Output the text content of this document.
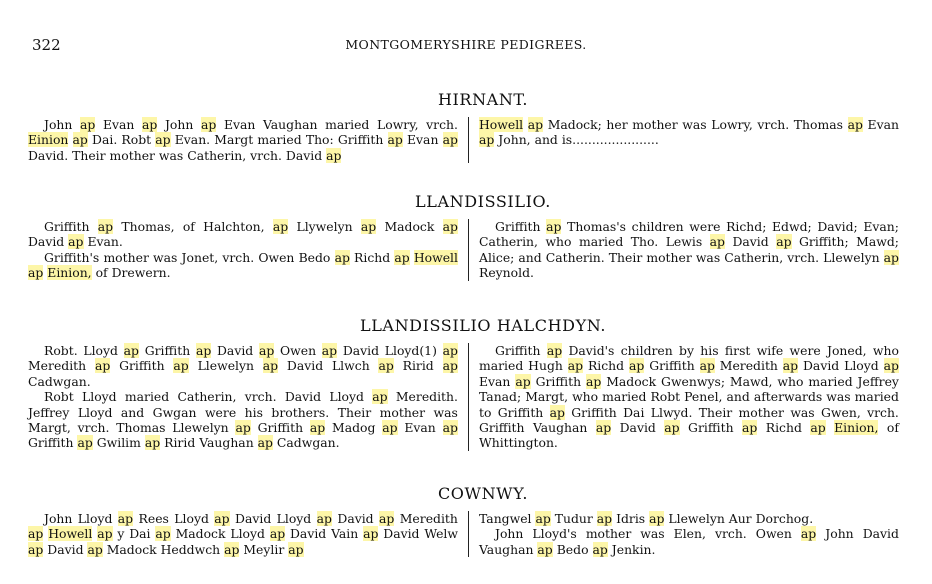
322	MONTGOMERYSHIRE PEDIGREES.
HIRNANT.

John ap Evan ap John ap Evan Vaughan maried Lowry, vrch. Einion ap Dai. Robt ap Evan. Margt maried Tho: Griffith ap Evan ap David. Their mother was Catherin, vrch. David ap

Howell ap Madock; her mother was Lowry, vrch. Thomas ap Evan ap John, and is......................

LLANDISSILIO.

Griffith ap Thomas, of Halchton, ap Llywelyn ap Madock ap David ap Evan.

Griffith's mother was Jonet, vrch. Owen Bedo ap Richd ap Howell ap Einion, of Drewern.

Griffith ap Thomas's children were Richd; Edwd; David; Evan; Catherin, who maried Tho. Lewis ap David ap Griffith; Mawd; Alice; and Catherin. Their mother was Catherin, vrch. Llewelyn ap Reynold.

LLANDISSILIO HALCHDYN.

Robt. Lloyd ap Griffith ap David ap Owen ap David Lloyd(1) ap Meredith ap Griffith ap Llewelyn ap David Llwch ap Ririd ap Cadwgan.

Robt Lloyd maried Catherin, vrch. David Lloyd ap Meredith. Jeffrey Lloyd and Gwgan were his brothers. Their mother was Margt, vrch. Thomas Llewelyn ap Griffith ap Madog ap Evan ap Griffith ap Gwilim ap Ririd Vaughan ap Cadwgan.

Griffith ap David's children by his first wife were Joned, who maried Hugh ap Richd ap Griffith ap Meredith ap David Lloyd ap Evan ap Griffith ap Madock Gwenwys; Mawd, who maried Jeffrey Tanad; Margt, who maried Robt Penel, and afterwards was maried to Griffith ap Griffith Dai Llwyd. Their mother was Gwen, vrch. Griffith Vaughan ap David ap Griffith ap Richd ap Einion, of Whittington.

COWNWY.

John Lloyd ap Rees Lloyd ap David Lloyd ap David ap Meredith ap Howell ap y Dai ap Madock Lloyd ap David Vain ap David Welw ap David ap Madock Heddwch ap Meylir ap

Tangwel ap Tudur ap Idris ap Llewelyn Aur Dorchog.

John Lloyd's mother was Elen, vrch. Owen ap John David Vaughan ap Bedo ap Jenkin.
